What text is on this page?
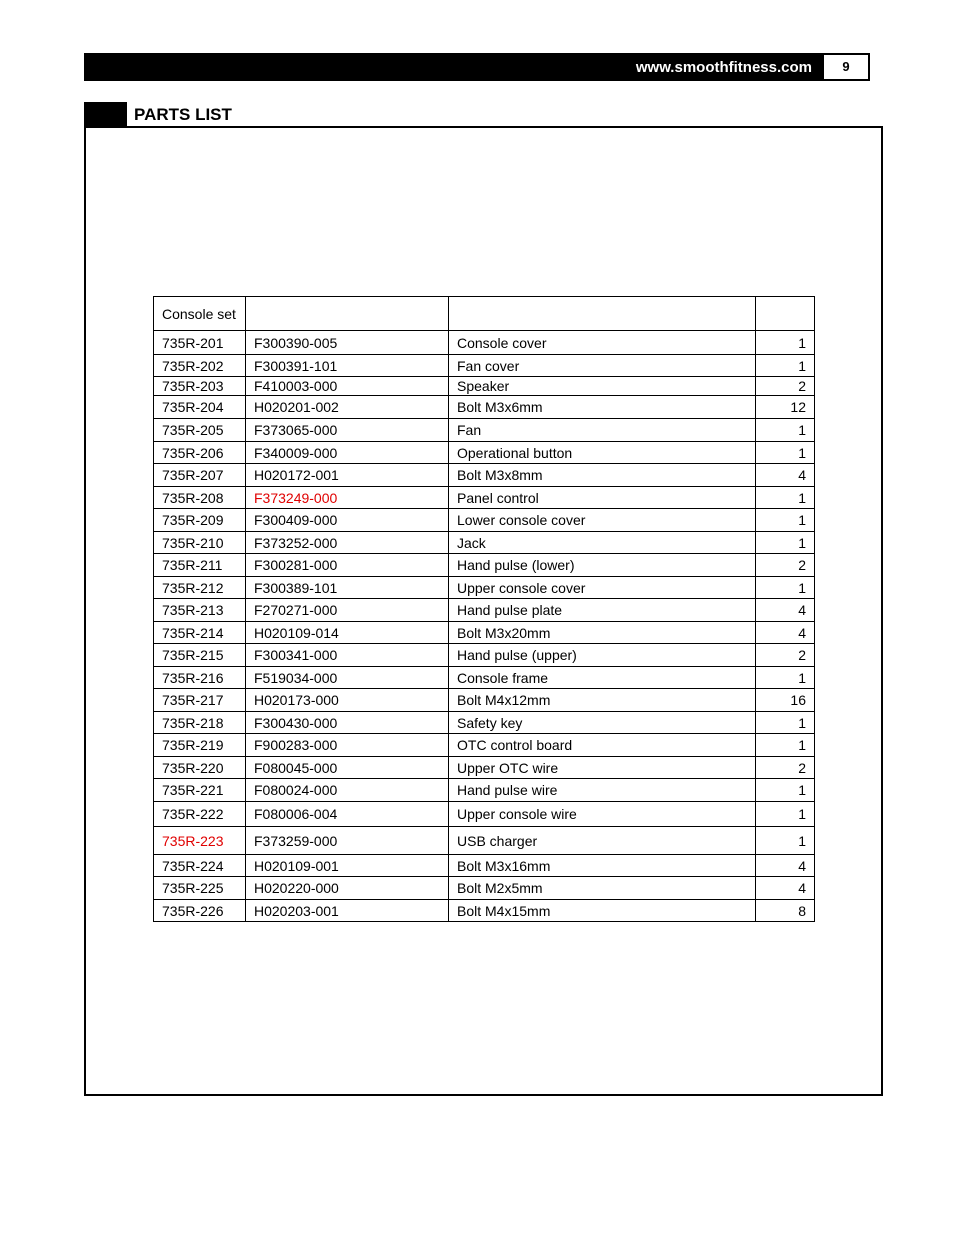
www.smoothfitness.com	9
PARTS LIST
Console set			
735R-201	F300390-005	Console cover	1
735R-202	F300391-101	Fan cover	1
735R-203	F410003-000	Speaker	2
735R-204	H020201-002	Bolt M3x6mm	12
735R-205	F373065-000	Fan	1
735R-206	F340009-000	Operational button	1
735R-207	H020172-001	Bolt M3x8mm	4
735R-208	F373249-000	Panel control	1
735R-209	F300409-000	Lower console cover	1
735R-210	F373252-000	Jack	1
735R-211	F300281-000	Hand pulse (lower)	2
735R-212	F300389-101	Upper console cover	1
735R-213	F270271-000	Hand pulse plate	4
735R-214	H020109-014	Bolt M3x20mm	4
735R-215	F300341-000	Hand pulse (upper)	2
735R-216	F519034-000	Console frame	1
735R-217	H020173-000	Bolt M4x12mm	16
735R-218	F300430-000	Safety key	1
735R-219	F900283-000	OTC control board	1
735R-220	F080045-000	Upper OTC wire	2
735R-221	F080024-000	Hand pulse wire	1
735R-222	F080006-004	Upper console wire	1
735R-223	F373259-000	USB charger	1
735R-224	H020109-001	Bolt M3x16mm	4
735R-225	H020220-000	Bolt M2x5mm	4
735R-226	H020203-001	Bolt M4x15mm	8
